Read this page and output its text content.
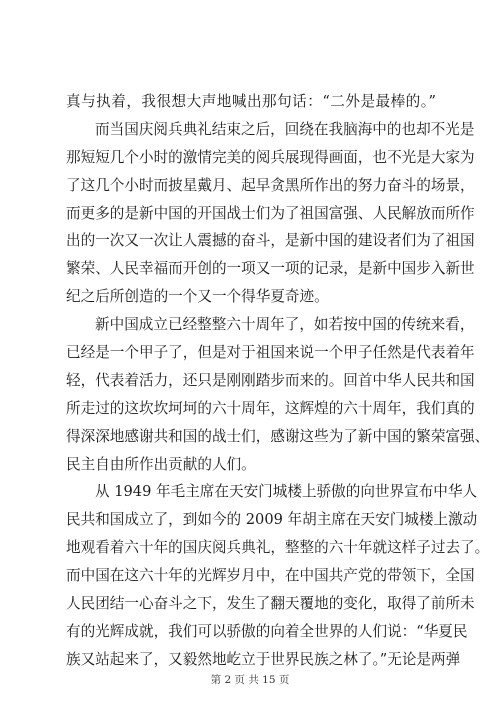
真与执着，我很想大声地喊出那句话：“二外是最棒的。”
而当国庆阅兵典礼结束之后，回绕在我脑海中的也却不光是
那短短几个小时的激情完美的阅兵展现得画面，也不光是大家为
了这几个小时而披星戴月、起早贪黑所作出的努力奋斗的场景，
而更多的是新中国的开国战士们为了祖国富强、人民解放而所作
出的一次又一次让人震撼的奋斗，是新中国的建设者们为了祖国
繁荣、人民幸福而开创的一项又一项的记录，是新中国步入新世
纪之后所创造的一个又一个得华夏奇迹。
新中国成立已经整整六十周年了，如若按中国的传统来看，
已经是一个甲子了，但是对于祖国来说一个甲子任然是代表着年
轻，代表着活力，还只是刚刚踏步而来的。回首中华人民共和国
所走过的这坎坎坷坷的六十周年，这辉煌的六十周年，我们真的
得深深地感谢共和国的战士们，感谢这些为了新中国的繁荣富强、
民主自由所作出贡献的人们。
从 1949 年毛主席在天安门城楼上骄傲的向世界宣布中华人
民共和国成立了，到如今的 2009 年胡主席在天安门城楼上激动
地观看着六十年的国庆阅兵典礼，整整的六十年就这样子过去了。
而中国在这六十年的光辉岁月中，在中国共产党的带领下，全国
人民团结一心奋斗之下，发生了翻天覆地的变化，取得了前所未
有的光辉成就，我们可以骄傲的向着全世界的人们说：“华夏民
族又站起来了，又毅然地屹立于世界民族之林了。”无论是两弹
第 2 页 共 15 页
